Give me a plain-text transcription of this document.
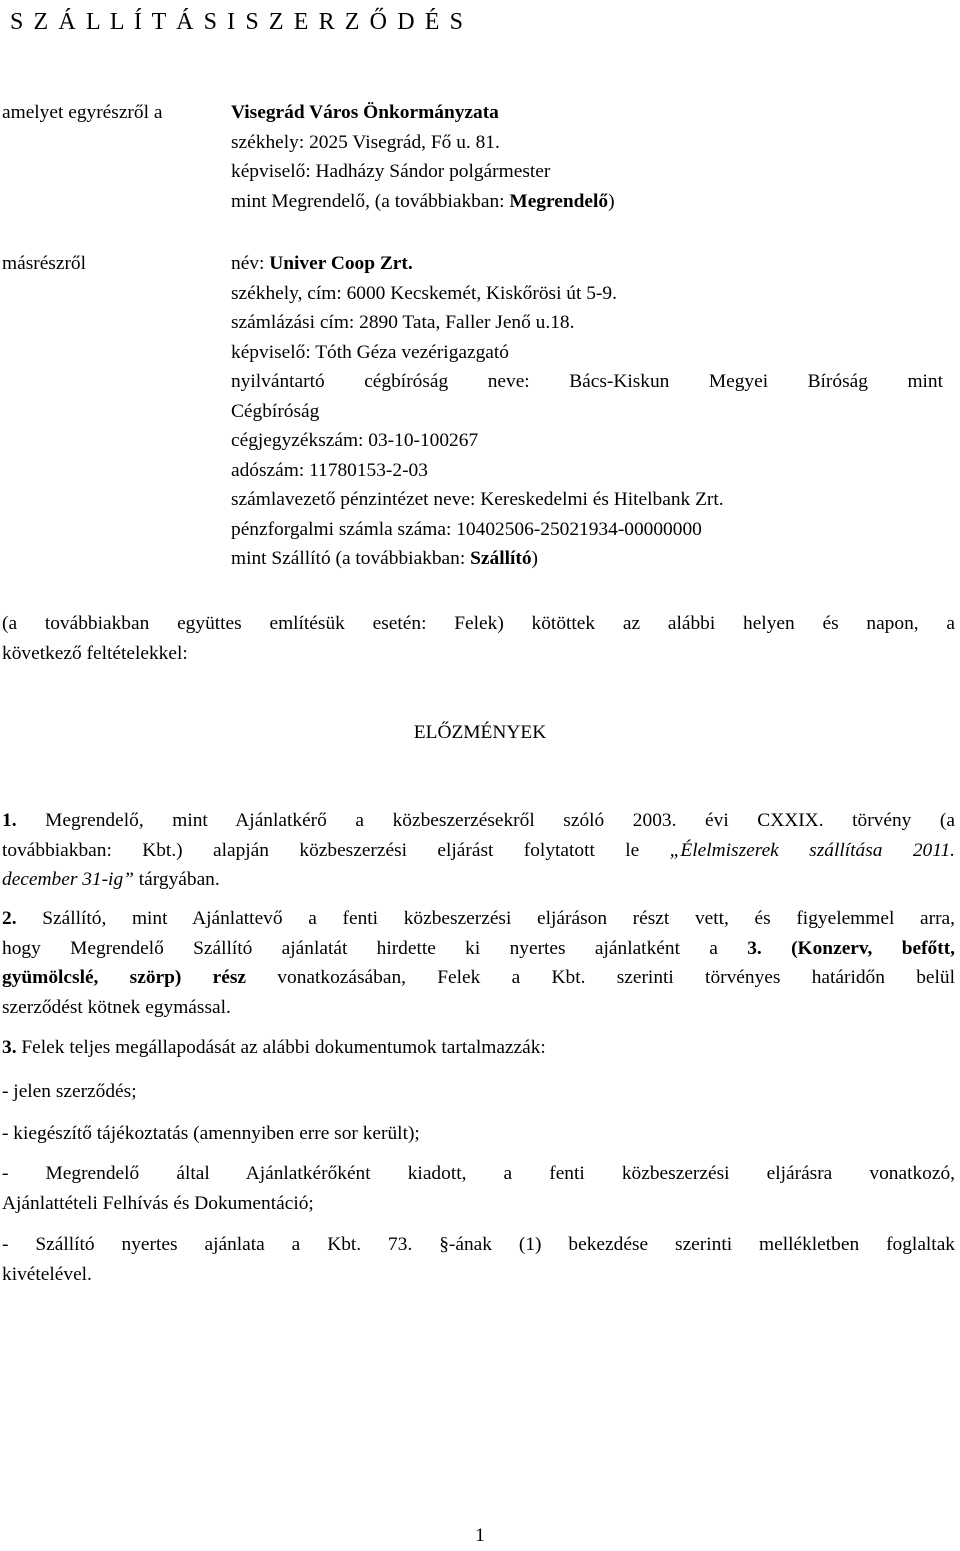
S Z Á L L Í T Á S I S Z E R Z Ő D É S
amelyet egyrészről a	Visegrád Város Önkormányzata
székhely: 2025 Visegrád, Fő u. 81.
képviselő: Hadházy Sándor polgármester
mint Megrendelő, (a továbbiakban: Megrendelő)
másrészről	név: Univer Coop Zrt.
székhely, cím: 6000 Kecskemét, Kiskőrösi út 5-9.
számlázási cím: 2890 Tata, Faller Jenő u.18.
képviselő: Tóth Géza vezérigazgató
nyilvántartó cégbíróság neve: Bács-Kiskun Megyei Bíróság mint
Cégbíróság
cégjegyzékszám: 03-10-100267
adószám: 11780153-2-03
számlavezető pénzintézet neve: Kereskedelmi és Hitelbank Zrt.
pénzforgalmi számla száma: 10402506-25021934-00000000
mint Szállító (a továbbiakban: Szállító)

(a továbbiakban együttes említésük esetén: Felek) kötöttek az alábbi helyen és napon, a
következő feltételekkel:

ELŐZMÉNYEK

1. Megrendelő, mint Ajánlatkérő a közbeszerzésekről szóló 2003. évi CXXIX. törvény (a
továbbiakban: Kbt.) alapján közbeszerzési eljárást folytatott le „Élelmiszerek szállítása 2011.
december 31-ig” tárgyában.

2. Szállító, mint Ajánlattevő a fenti közbeszerzési eljáráson részt vett, és figyelemmel arra,
hogy Megrendelő Szállító ajánlatát hirdette ki nyertes ajánlatként a 3. (Konzerv, befőtt,
gyümölcslé, szörp) rész vonatkozásában, Felek a Kbt. szerinti törvényes határidőn belül
szerződést kötnek egymással.

3. Felek teljes megállapodását az alábbi dokumentumok tartalmazzák:

- jelen szerződés;

- kiegészítő tájékoztatás (amennyiben erre sor került);

- Megrendelő által Ajánlatkérőként kiadott, a fenti közbeszerzési eljárásra vonatkozó,
Ajánlattételi Felhívás és Dokumentáció;

- Szállító nyertes ajánlata a Kbt. 73. §-ának (1) bekezdése szerinti mellékletben foglaltak
kivételével.

1
